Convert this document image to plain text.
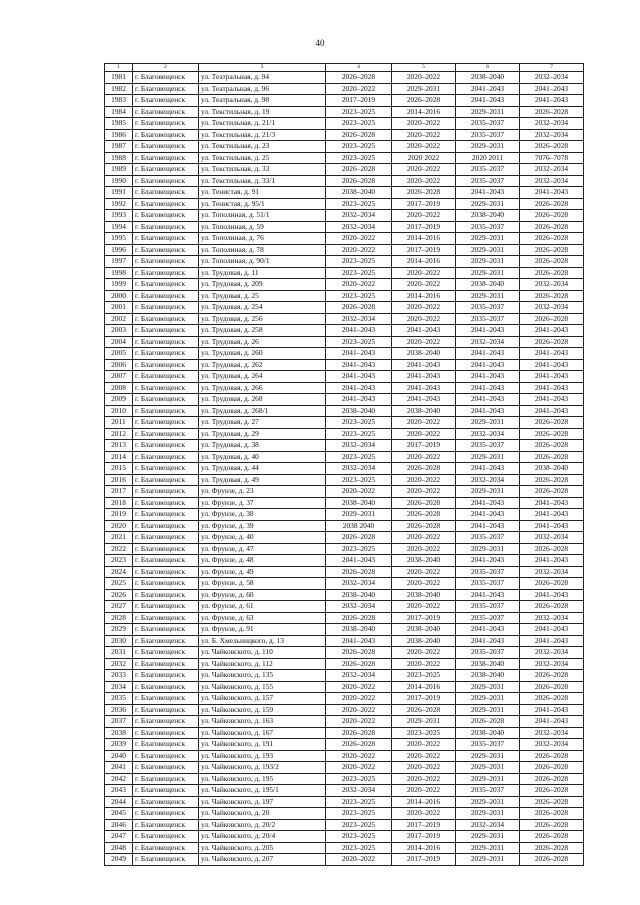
40
1	2	3	4	5	6	7
1981	г. Благовещенск	ул. Театральная, д. 94	2026–2028	2020–2022	2038–2040	2032–2034
1982	г. Благовещенск	ул. Театральная, д. 96	2020–2022	2029–2031	2041–2043	2041–2043
1983	г. Благовещенск	ул. Театральная, д. 98	2017–2019	2026–2028	2041–2043	2041–2043
1984	г. Благовещенск	ул. Текстильная, д. 19	2023–2025	2014–2016	2029–2031	2026–2028
1985	г. Благовещенск	ул. Текстильная, д. 21/1	2023–2025	2020–2022	2035–2037	2032–2034
1986	г. Благовещенск	ул. Текстильная, д. 21/3	2026–2028	2020–2022	2035–2037	2032–2034
1987	г. Благовещенск	ул. Текстильная, д. 23	2023–2025	2020–2022	2029–2031	2026–2028
1988	г. Благовещенск	ул. Текстильная, д. 25	2023–2025	2020 2022	2020 2011	7076–7078
1989	г. Благовещенск	ул. Текстильная, д. 33	2026–2028	2020–2022	2035–2037	2032–2034
1990	г. Благовещенск	ул. Текстильная, д. 33/1	2026–2028	2020–2022	2035–2037	2032–2034
1991	г. Благовещенск	ул. Тенистая, д. 91	2038–2040	2026–2028	2041–2043	2041–2043
1992	г. Благовещенск	ул. Тенистая, д. 95/1	2023–2025	2017–2019	2029–2031	2026–2028
1993	г. Благовещенск	ул. Тополиная, д. 51/1	2032–2034	2020–2022	2038–2040	2026–2028
1994	г. Благовещенск	ул. Тополиная, д. 59	2032–2034	2017–2019	2035–2037	2026–2028
1995	г. Благовещенск	ул. Тополиная, д. 76	2020–2022	2014–2016	2029–2031	2026–2028
1996	г. Благовещенск	ул. Тополиная, д. 78	2020–2022	2017–2019	2029–2031	2026–2028
1997	г. Благовещенск	ул. Тополиная, д. 90/1	2023–2025	2014–2016	2029–2031	2026–2028
1998	г. Благовещенск	ул. Трудовая, д. 11	2023–2025	2020–2022	2029–2031	2026–2028
1999	г. Благовещенск	ул. Трудовая, д. 209	2020–2022	2020–2022	2038–2040	2032–2034
2000	г. Благовещенск	ул. Трудовая, д. 25	2023–2025	2014–2016	2029–2031	2026–2028
2001	г. Благовещенск	ул. Трудовая, д. 254	2026–2028	2020–2022	2035–2037	2032–2034
2002	г. Благовещенск	ул. Трудовая, д. 256	2032–2034	2020–2022	2035–2037	2026–2028
2003	г. Благовещенск	ул. Трудовая, д. 258	2041–2043	2041–2043	2041–2043	2041–2043
2004	г. Благовещенск	ул. Трудовая, д. 26	2023–2025	2020–2022	2032–2034	2026–2028
2005	г. Благовещенск	ул. Трудовая, д. 260	2041–2043	2038–2040	2041–2043	2041–2043
2006	г. Благовещенск	ул. Трудовая, д. 262	2041–2043	2041–2043	2041–2043	2041–2043
2007	г. Благовещенск	ул. Трудовая, д. 264	2041–2043	2041–2043	2041–2043	2041–2043
2008	г. Благовещенск	ул. Трудовая, д. 266	2041–2043	2041–2043	2041–2043	2041–2043
2009	г. Благовещенск	ул. Трудовая, д. 268	2041–2043	2041–2043	2041–2043	2041–2043
2010	г. Благовещенск	ул. Трудовая, д. 268/1	2038–2040	2038–2040	2041–2043	2041–2043
2011	г. Благовещенск	ул. Трудовая, д. 27	2023–2025	2020–2022	2029–2031	2026–2028
2012	г. Благовещенск	ул. Трудовая, д. 29	2023–2025	2020–2022	2032–2034	2026–2028
2013	г. Благовещенск	ул. Трудовая, д. 38	2032–2034	2017–2019	2035–2037	2026–2028
2014	г. Благовещенск	ул. Трудовая, д. 40	2023–2025	2020–2022	2029–2031	2026–2028
2015	г. Благовещенск	ул. Трудовая, д. 44	2032–2034	2026–2028	2041–2043	2038–2040
2016	г. Благовещенск	ул. Трудовая, д. 49	2023–2025	2020–2022	2032–2034	2026–2028
2017	г. Благовещенск	ул. Фрунзе, д. 23	2020–2022	2020–2022	2029–2031	2026–2028
2018	г. Благовещенск	ул. Фрунзе, д. 37	2038–2040	2026–2028	2041–2043	2041–2043
2019	г. Благовещенск	ул. Фрунзе, д. 38	2029–2031	2026–2028	2041–2043	2041–2043
2020	г. Благовещенск	ул. Фрунзе, д. 39	2038 2040	2026–2028	2041–2043	2041–2043
2021	г. Благовещенск	ул. Фрунзе, д. 40	2026–2028	2020–2022	2035–2037	2032–2034
2022	г. Благовещенск	ул. Фрунзе, д. 47	2023–2025	2020–2022	2029–2031	2026–2028
2023	г. Благовещенск	ул. Фрунзе, д. 48	2041–2043	2038–2040	2041–2043	2041–2043
2024	г. Благовещенск	ул. Фрунзе, д. 49	2026–2028	2020–2022	2035–2037	2032–2034
2025	г. Благовещенск	ул. Фрунзе, д. 58	2032–2034	2020–2022	2035–2037	2026–2028
2026	г. Благовещенск	ул. Фрунзе, д. 60	2038–2040	2038–2040	2041–2043	2041–2043
2027	г. Благовещенск	ул. Фрунзе, д. 61	2032–2034	2020–2022	2035–2037	2026–2028
2028	г. Благовещенск	ул. Фрунзе, д. 63	2026–2028	2017–2019	2035–2037	2032–2034
2029	г. Благовещенск	ул. Фрунзе, д. 91	2038–2040	2038–2040	2041–2043	2041–2043
2030	г. Благовещенск	ул. Б. Хмельницкого, д. 13	2041–2043	2038–2040	2041–2043	2041–2043
2031	г. Благовещенск	ул. Чайковского, д. 110	2026–2028	2020–2022	2035–2037	2032–2034
2032	г. Благовещенск	ул. Чайковского, д. 112	2026–2028	2020–2022	2038–2040	2032–2034
2033	г. Благовещенск	ул. Чайковского, д. 135	2032–2034	2023–2025	2038–2040	2026–2028
2034	г. Благовещенск	ул. Чайковского, д. 155	2020–2022	2014–2016	2029–2031	2026–2028
2035	г. Благовещенск	ул. Чайковского, д. 157	2020–2022	2017–2019	2029–2031	2026–2028
2036	г. Благовещенск	ул. Чайковского, д. 159	2020–2022	2026–2028	2029–2031	2041–2043
2037	г. Благовещенск	ул. Чайковского, д. 163	2020–2022	2029–2031	2026–2028	2041–2043
2038	г. Благовещенск	ул. Чайковского, д. 167	2026–2028	2023–2025	2038–2040	2032–2034
2039	г. Благовещенск	ул. Чайковского, д. 191	2026–2028	2020–2022	2035–2037	2032–2034
2040	г. Благовещенск	ул. Чайковского, д. 193	2020–2022	2020–2022	2029–2031	2026–2028
2041	г. Благовещенск	ул. Чайковского, д. 193/2	2020–2022	2020–2022	2029–2031	2026–2028
2042	г. Благовещенск	ул. Чайковского, д. 195	2023–2025	2020–2022	2029–2031	2026–2028
2043	г. Благовещенск	ул. Чайковского, д. 195/1	2032–2034	2020–2022	2035–2037	2026–2028
2044	г. Благовещенск	ул. Чайковского, д. 197	2023–2025	2014–2016	2029–2031	2026–2028
2045	г. Благовещенск	ул. Чайковского, д. 20	2023–2025	2020–2022	2029–2031	2026–2028
2046	г. Благовещенск	ул. Чайковского, д. 20/2	2023–2025	2017–2019	2032–2034	2026–2028
2047	г. Благовещенск	ул. Чайковского, д. 20/4	2023–2025	2017–2019	2029–2031	2026–2028
2048	г. Благовещенск	ул. Чайковского, д. 205	2023–2025	2014–2016	2029–2031	2026–2028
2049	г. Благовещенск	ул. Чайковского, д. 207	2020–2022	2017–2019	2029–2031	2026–2028
